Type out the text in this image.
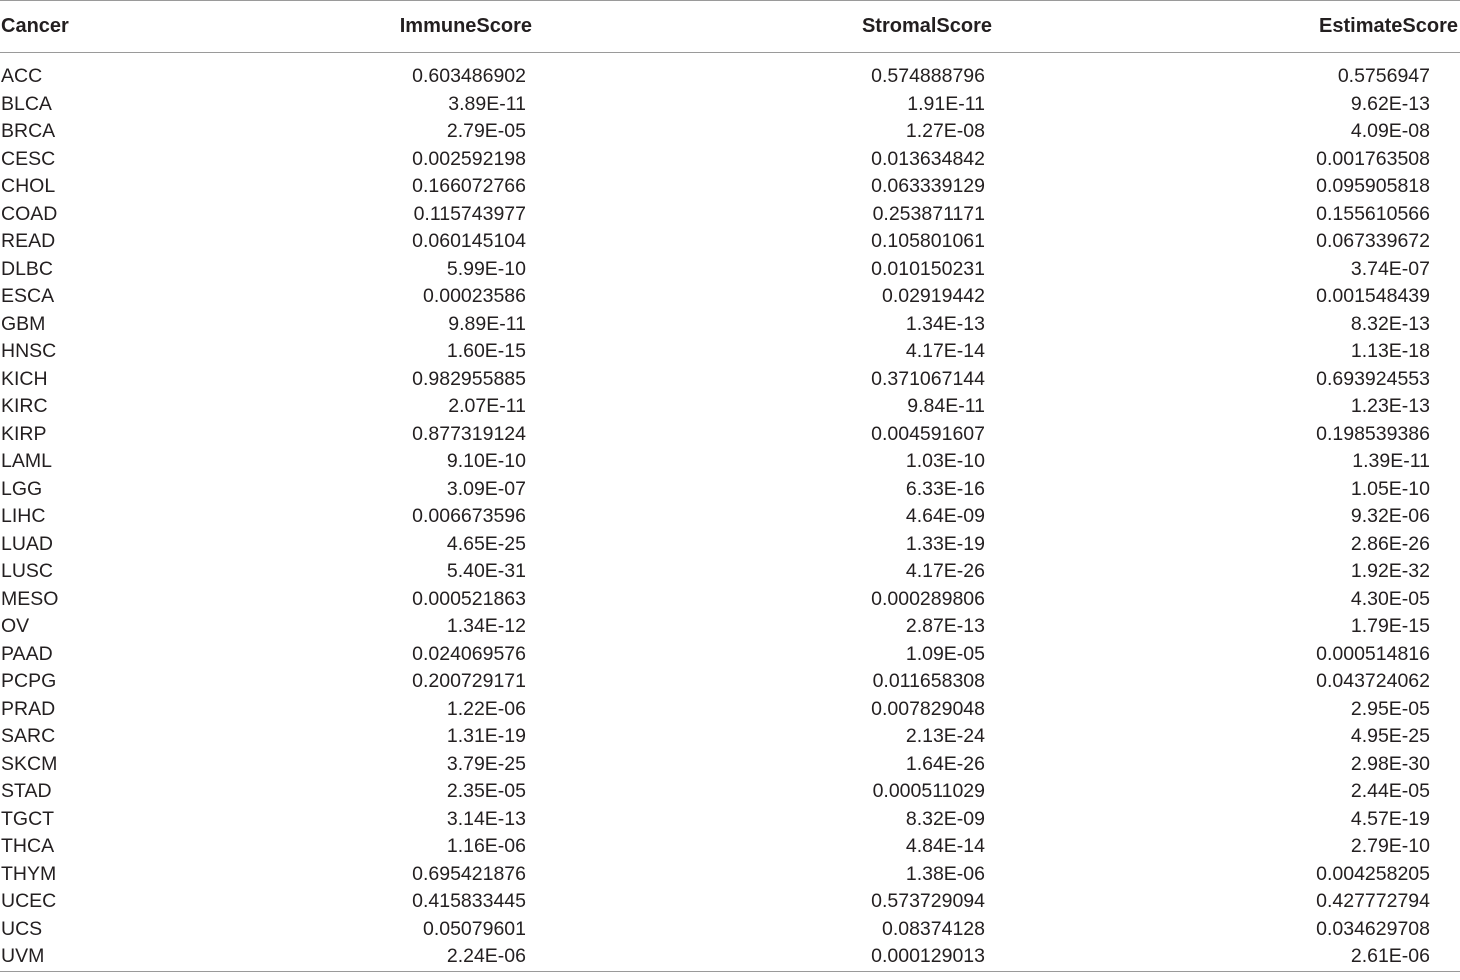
Cancer	ImmuneScore	StromalScore	EstimateScore

ACC	0.603486902	0.574888796	0.5756947
BLCA	3.89E-11	1.91E-11	9.62E-13
BRCA	2.79E-05	1.27E-08	4.09E-08
CESC	0.002592198	0.013634842	0.001763508
CHOL	0.166072766	0.063339129	0.095905818
COAD	0.115743977	0.253871171	0.155610566
READ	0.060145104	0.105801061	0.067339672
DLBC	5.99E-10	0.010150231	3.74E-07
ESCA	0.00023586	0.02919442	0.001548439
GBM	9.89E-11	1.34E-13	8.32E-13
HNSC	1.60E-15	4.17E-14	1.13E-18
KICH	0.982955885	0.371067144	0.693924553
KIRC	2.07E-11	9.84E-11	1.23E-13
KIRP	0.877319124	0.004591607	0.198539386
LAML	9.10E-10	1.03E-10	1.39E-11
LGG	3.09E-07	6.33E-16	1.05E-10
LIHC	0.006673596	4.64E-09	9.32E-06
LUAD	4.65E-25	1.33E-19	2.86E-26
LUSC	5.40E-31	4.17E-26	1.92E-32
MESO	0.000521863	0.000289806	4.30E-05
OV	1.34E-12	2.87E-13	1.79E-15
PAAD	0.024069576	1.09E-05	0.000514816
PCPG	0.200729171	0.011658308	0.043724062
PRAD	1.22E-06	0.007829048	2.95E-05
SARC	1.31E-19	2.13E-24	4.95E-25
SKCM	3.79E-25	1.64E-26	2.98E-30
STAD	2.35E-05	0.000511029	2.44E-05
TGCT	3.14E-13	8.32E-09	4.57E-19
THCA	1.16E-06	4.84E-14	2.79E-10
THYM	0.695421876	1.38E-06	0.004258205
UCEC	0.415833445	0.573729094	0.427772794
UCS	0.05079601	0.08374128	0.034629708
UVM	2.24E-06	0.000129013	2.61E-06
